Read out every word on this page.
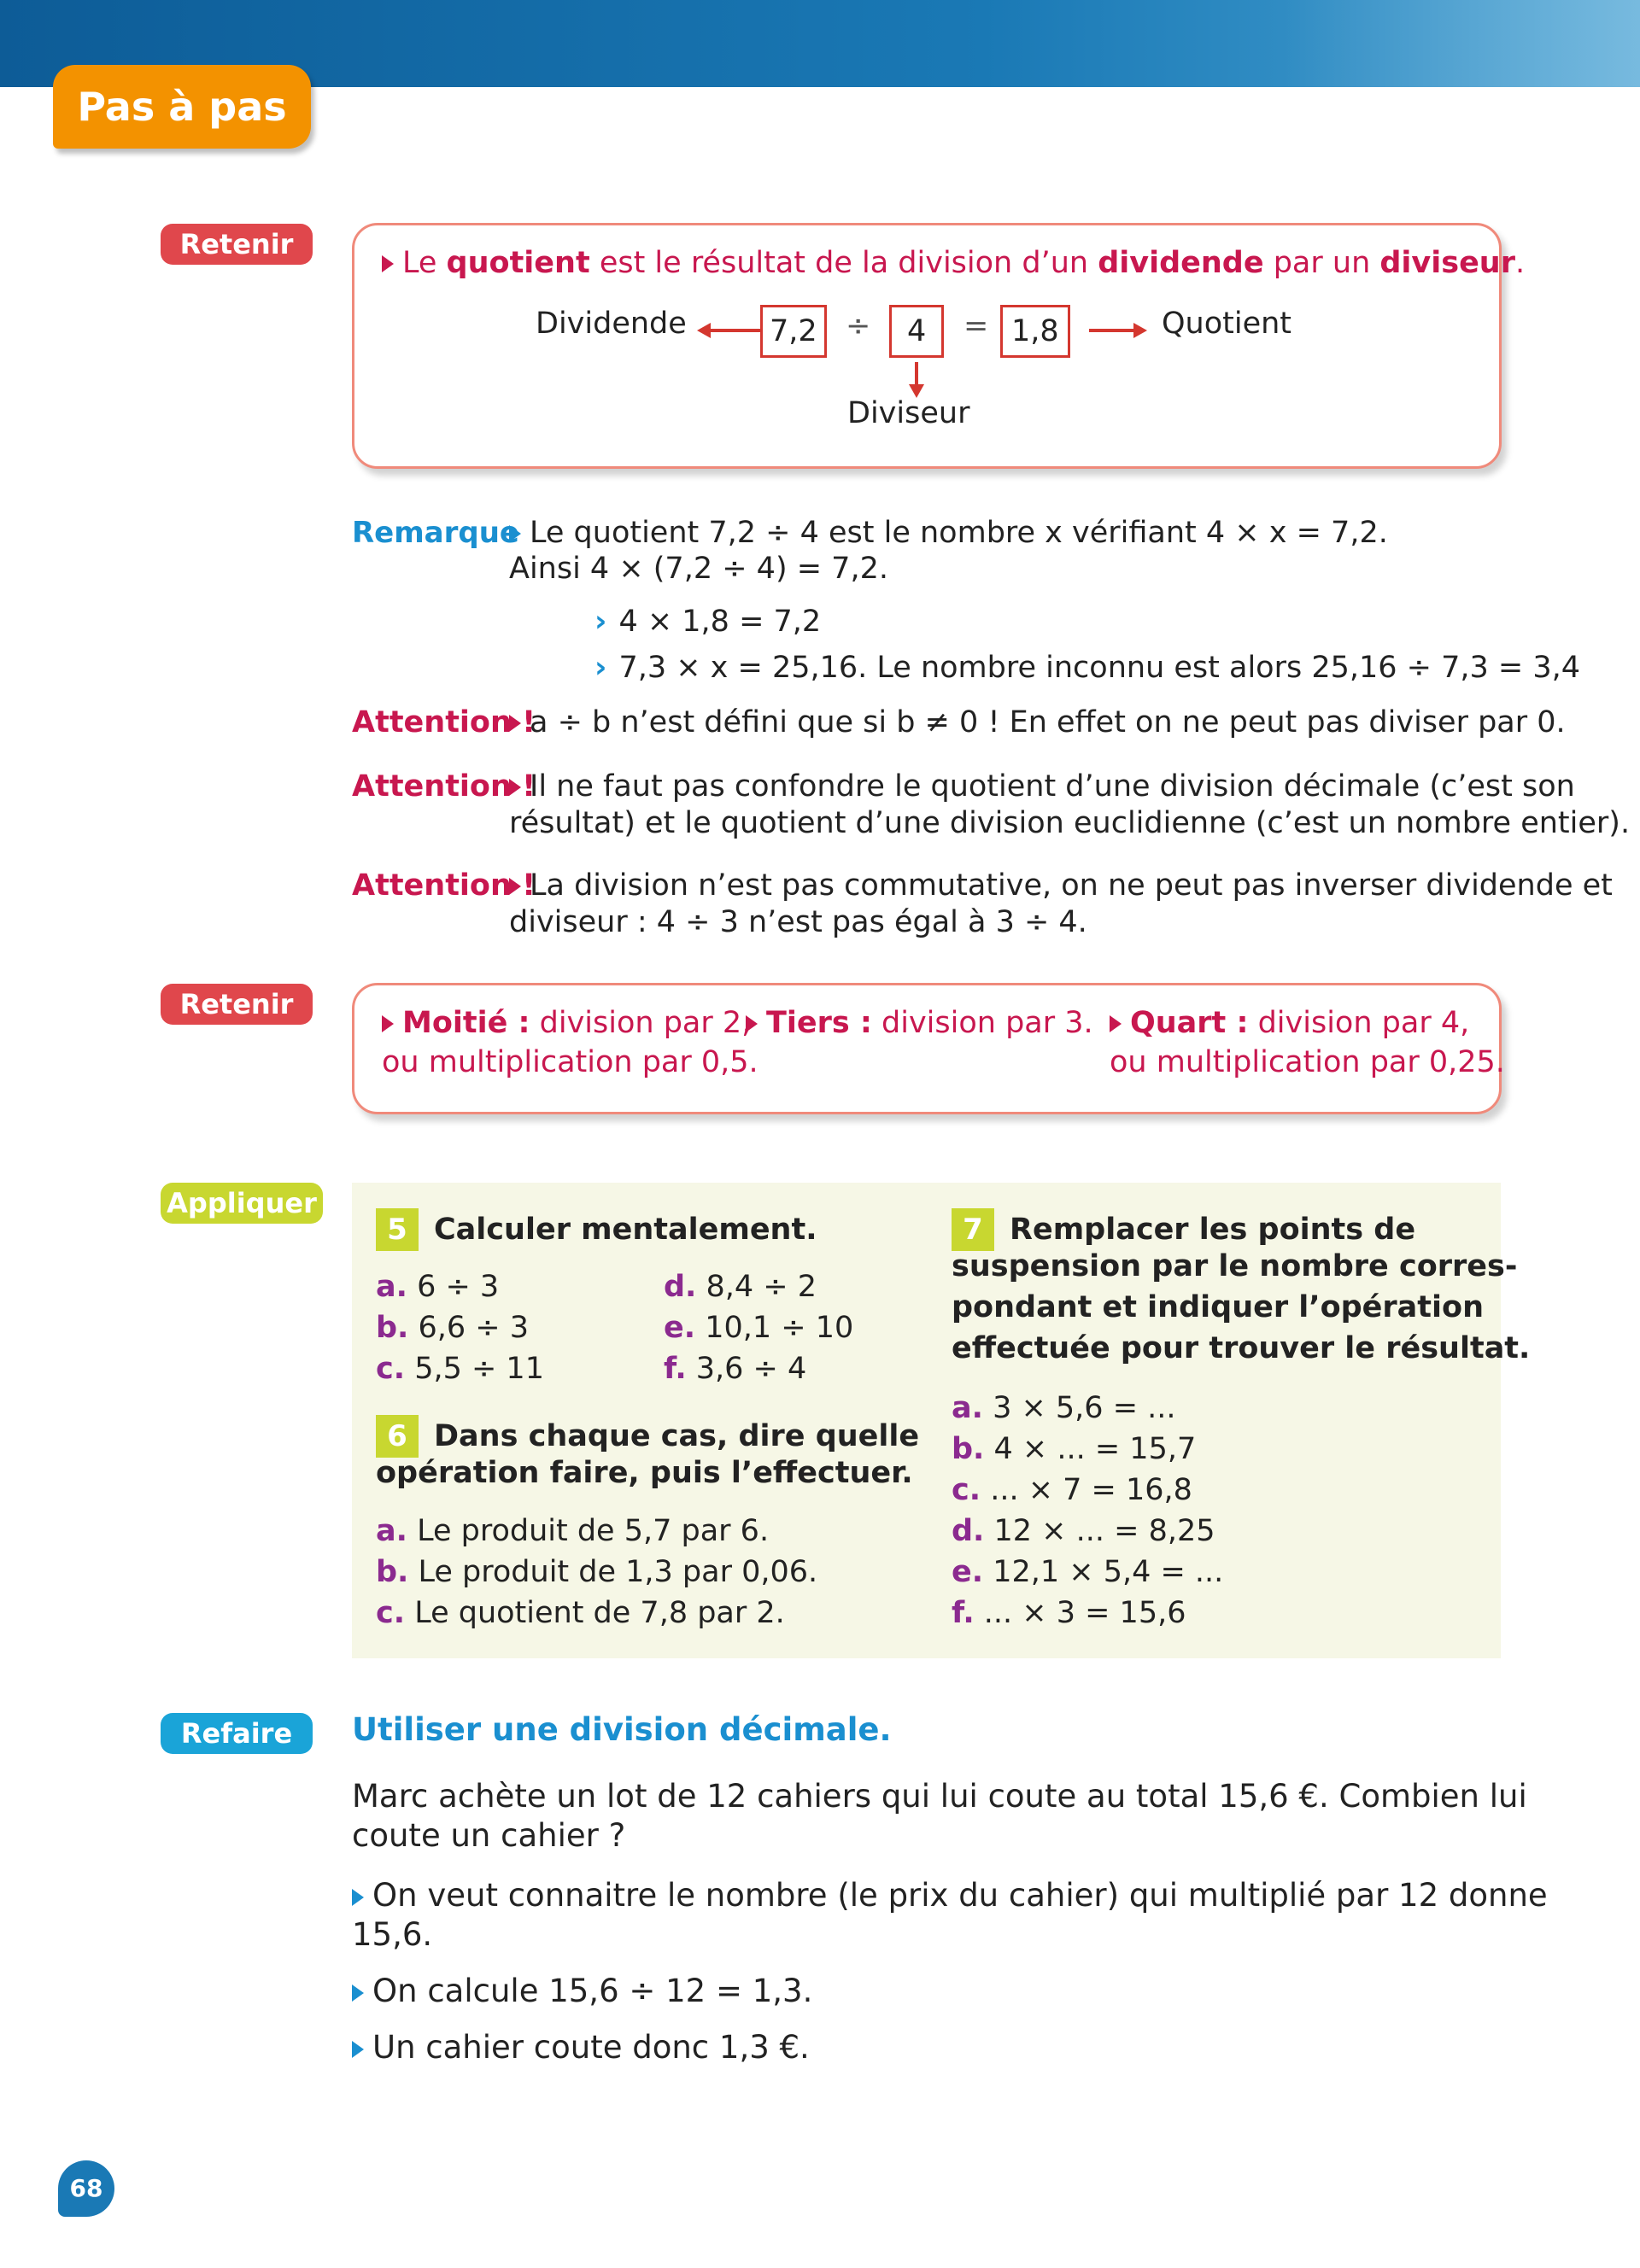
Pas à pas
Retenir
Le quotient est le résultat de la division d’un dividende par un diviseur.
Dividende	7,2 ÷	4	= 1,8	Quotient
Diviseur
Remarque Le quotient 7,2 ÷ 4 est le nombre x vérifiant 4 × x = 7,2.
Ainsi 4 × (7,2 ÷ 4) = 7,2.
› 4 × 1,8 = 7,2
› 7,3 × x = 25,16. Le nombre inconnu est alors 25,16 ÷ 7,3 = 3,4
Attention !
a ÷ b n’est défini que si b ≠ 0 ! En effet on ne peut pas diviser par 0.
Attention !
Il ne faut pas confondre le quotient d’une division décimale (c’est son
résultat) et le quotient d’une division euclidienne (c’est un nombre entier).
Attention !
La division n’est pas commutative, on ne peut pas inverser dividende et
diviseur : 4 ÷ 3 n’est pas égal à 3 ÷ 4.
Retenir
Moitié : division par 2,
ou multiplication par 0,5.
Tiers : division par 3.	Quart : division par 4,
ou multiplication par 0,25.
Appliquer
5 Calculer mentalement.
a. 6 ÷ 3	d. 8,4 ÷ 2
b. 6,6 ÷ 3	e. 10,1 ÷ 10
c. 5,5 ÷ 11	f. 3,6 ÷ 4
6 Dans chaque cas, dire quelle
opération faire, puis l’effectuer.
a. Le produit de 5,7 par 6.
b. Le produit de 1,3 par 0,06.
c. Le quotient de 7,8 par 2.
7 Remplacer les points de
suspension par le nombre corres-
pondant et indiquer l’opération
effectuée pour trouver le résultat.
a. 3 × 5,6 = ...
b. 4 × ... = 15,7
c. ... × 7 = 16,8
d. 12 × ... = 8,25
e. 12,1 × 5,4 = ...
f. ... × 3 = 15,6
Refaire	Utiliser une division décimale.
Marc achète un lot de 12 cahiers qui lui coute au total 15,6 €. Combien lui
coute un cahier ?
On veut connaitre le nombre (le prix du cahier) qui multiplié par 12 donne
15,6.
On calcule 15,6 ÷ 12 = 1,3.
Un cahier coute donc 1,3 €.
68
